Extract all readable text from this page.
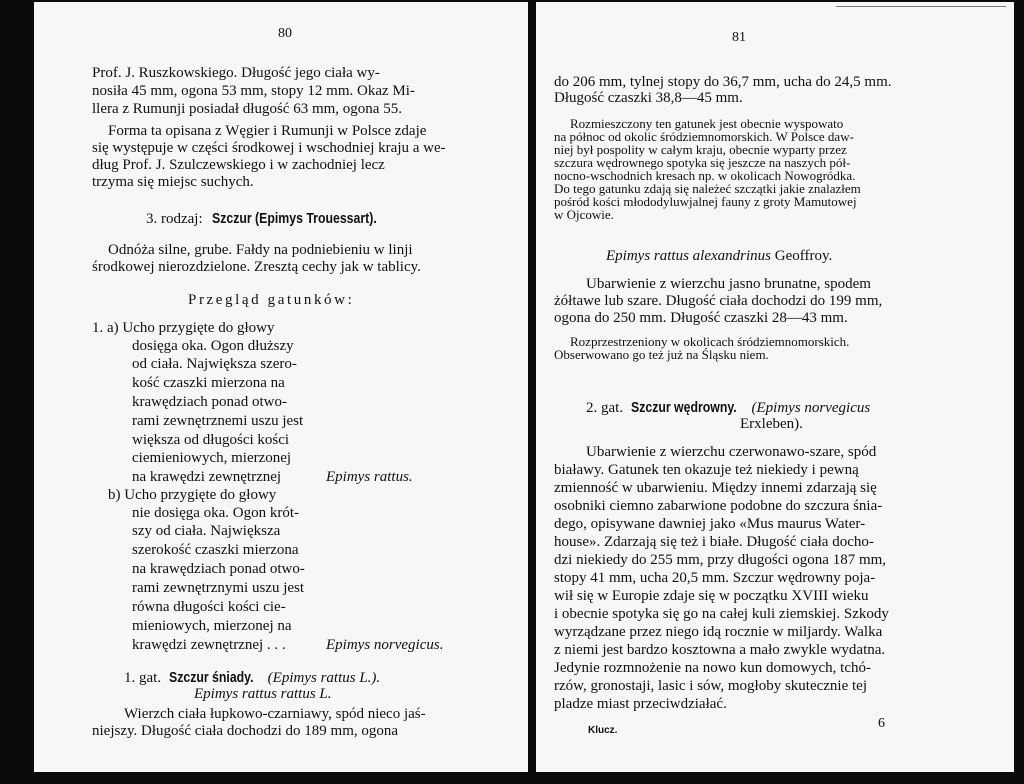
80
Prof. J. Ruszkowskiego. Długość jego ciała wy-
nosiła 45 mm, ogona 53 mm, stopy 12 mm. Okaz Mi-
llera z Rumunji posiadał długość 63 mm, ogona 55.
Forma ta opisana z Węgier i Rumunji w Polsce zdaje
się występuje w części środkowej i wschodniej kraju a we-
dług Prof. J. Szulczewskiego i w zachodniej lecz
trzyma się miejsc suchych.
3. rodzaj: Szczur (Epimys Trouessart).
Odnóża silne, grube. Fałdy na podniebieniu w linji
środkowej nierozdzielone. Zresztą cechy jak w tablicy.
Przegląd gatunków:
1. a) Ucho przygięte do głowy
dosięga oka. Ogon dłuższy
od ciała. Największa szero-
kość czaszki mierzona na
krawędziach ponad otwo-
rami zewnętrznemi uszu jest
większa od długości kości
ciemieniowych, mierzonej
na krawędzi zewnętrznej	Epimys rattus.
b) Ucho przygięte do głowy
nie dosięga oka. Ogon krót-
szy od ciała. Największa
szerokość czaszki mierzona
na krawędziach ponad otwo-
rami zewnętrznymi uszu jest
równa długości kości cie-
mieniowych, mierzonej na
krawędzi zewnętrznej . . .	Epimys norvegicus.
1. gat. Szczur śniady. (Epimys rattus L.).
Epimys rattus rattus L.
Wierzch ciała łupkowo-czarniawy, spód nieco jaś-
niejszy. Długość ciała dochodzi do 189 mm, ogona
81
do 206 mm, tylnej stopy do 36,7 mm, ucha do 24,5 mm.
Długość czaszki 38,8—45 mm.
Rozmieszczony ten gatunek jest obecnie wyspowato
na północ od okolic śródziemnomorskich. W Polsce daw-
niej był pospolity w całym kraju, obecnie wyparty przez
szczura wędrownego spotyka się jeszcze na naszych pół-
nocno-wschodnich kresach np. w okolicach Nowogródka.
Do tego gatunku zdają się należeć szczątki jakie znalazłem
pośród kości młododyluwjalnej fauny z groty Mamutowej
w Ojcowie.
Epimys rattus alexandrinus Geoffroy.
Ubarwienie z wierzchu jasno brunatne, spodem
żółtawe lub szare. Długość ciała dochodzi do 199 mm,
ogona do 250 mm. Długość czaszki 28—43 mm.
Rozprzestrzeniony w okolicach śródziemnomorskich.
Obserwowano go też już na Śląsku niem.
2. gat. Szczur wędrowny. (Epimys norvegicus
Erxleben).
Ubarwienie z wierzchu czerwonawo-szare, spód
białawy. Gatunek ten okazuje też niekiedy i pewną
zmienność w ubarwieniu. Między innemi zdarzają się
osobniki ciemno zabarwione podobne do szczura śnia-
dego, opisywane dawniej jako «Mus maurus Water-
house». Zdarzają się też i białe. Długość ciała docho-
dzi niekiedy do 255 mm, przy długości ogona 187 mm,
stopy 41 mm, ucha 20,5 mm. Szczur wędrowny poja-
wił się w Europie zdaje się w początku XVIII wieku
i obecnie spotyka się go na całej kuli ziemskiej. Szkody
wyrządzane przez niego idą rocznie w miljardy. Walka
z niemi jest bardzo kosztowna a mało zwykle wydatna.
Jedynie rozmnożenie na nowo kun domowych, tchó-
rzów, gronostaji, lasic i sów, mogłoby skutecznie tej
pladze miast przeciwdziałać.
Klucz.	6
